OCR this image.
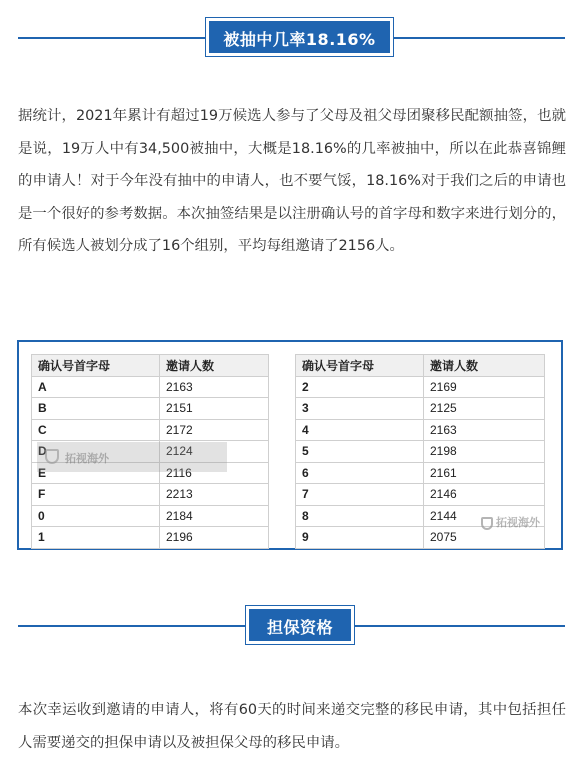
被抽中几率18.16%
据统计，2021年累计有超过19万候选人参与了父母及祖父母团聚移民配额抽签，也就是说，19万人中有34,500被抽中，大概是18.16%的几率被抽中，所以在此恭喜锦鲤的申请人！对于今年没有抽中的申请人，也不要气馁，18.16%对于我们之后的申请也是一个很好的参考数据。本次抽签结果是以注册确认号的首字母和数字来进行划分的，所有候选人被划分成了16个组别，平均每组邀请了2156人。
确认号首字母	邀请人数
A	2163
B	2151
C	2172
D	2124
E	2116
F	2213
0	2184
1	2196
确认号首字母	邀请人数
2	2169
3	2125
4	2163
5	2198
6	2161
7	2146
8	2144
9	2075
拓视海外
拓视海外
担保资格
本次幸运收到邀请的申请人，将有60天的时间来递交完整的移民申请，其中包括担任人需要递交的担保申请以及被担保父母的移民申请。
